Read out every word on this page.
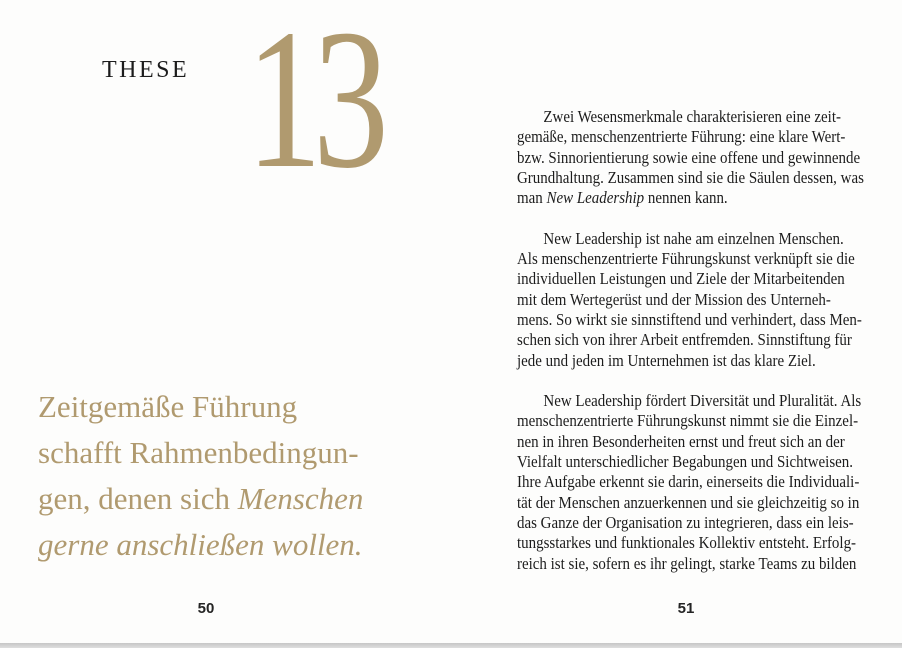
THESE 13
Zeitgemäße Führung
schafft Rahmenbedingun-
gen, denen sich Menschen
gerne anschließen wollen.
50
Zwei Wesensmerkmale charakterisieren eine zeit-
gemäße, menschenzentrierte Führung: eine klare Wert-
bzw. Sinnorientierung sowie eine offene und gewinnende
Grundhaltung. Zusammen sind sie die Säulen dessen, was
man New Leadership nennen kann.
New Leadership ist nahe am einzelnen Menschen.
Als menschenzentrierte Führungskunst verknüpft sie die
individuellen Leistungen und Ziele der Mitarbeitenden
mit dem Wertegerüst und der Mission des Unterneh-
mens. So wirkt sie sinnstiftend und verhindert, dass Men-
schen sich von ihrer Arbeit entfremden. Sinnstiftung für
jede und jeden im Unternehmen ist das klare Ziel.
New Leadership fördert Diversität und Pluralität. Als
menschenzentrierte Führungskunst nimmt sie die Einzel-
nen in ihren Besonderheiten ernst und freut sich an der
Vielfalt unterschiedlicher Begabungen und Sichtweisen.
Ihre Aufgabe erkennt sie darin, einerseits die Individuali-
tät der Menschen anzuerkennen und sie gleichzeitig so in
das Ganze der Organisation zu integrieren, dass ein leis-
tungsstarkes und funktionales Kollektiv entsteht. Erfolg-
reich ist sie, sofern es ihr gelingt, starke Teams zu bilden
51
